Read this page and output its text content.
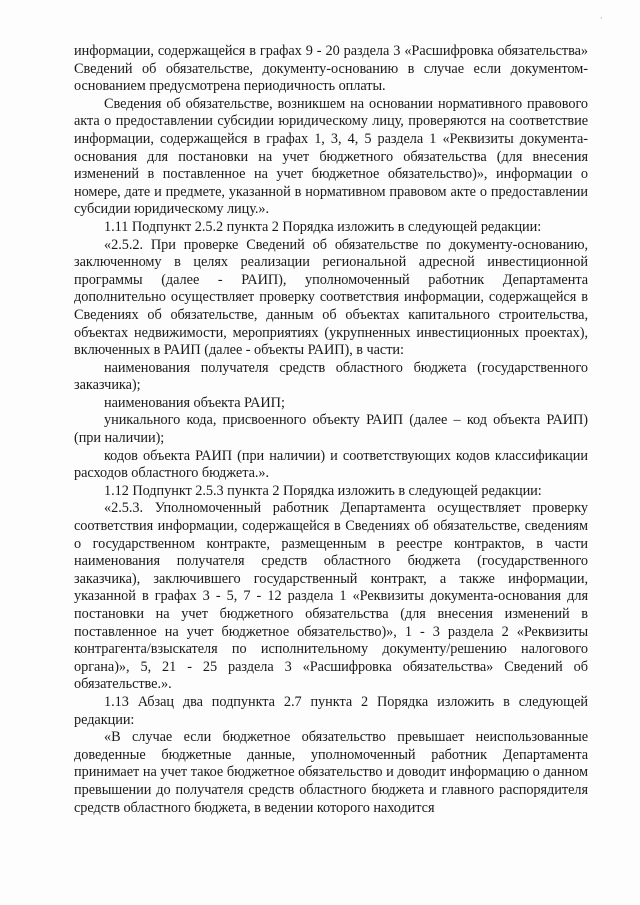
·

информации, содержащейся в графах 9 - 20 раздела 3 «Расшифровка обязательства» Сведений об обязательстве, документу-основанию в случае если документом-основанием предусмотрена периодичность оплаты.

Сведения об обязательстве, возникшем на основании нормативного правового акта о предоставлении субсидии юридическому лицу, проверяются на соответствие информации, содержащейся в графах 1, 3, 4, 5 раздела 1 «Реквизиты документа-основания для постановки на учет бюджетного обязательства (для внесения изменений в поставленное на учет бюджетное обязательство)», информации о номере, дате и предмете, указанной в нормативном правовом акте о предоставлении субсидии юридическому лицу.».

1.11 Подпункт 2.5.2 пункта 2 Порядка изложить в следующей редакции:

«2.5.2. При проверке Сведений об обязательстве по документу-основанию, заключенному в целях реализации региональной адресной инвестиционной программы (далее - РАИП), уполномоченный работник Департамента дополнительно осуществляет проверку соответствия информации, содержащейся в Сведениях об обязательстве, данным об объектах капитального строительства, объектах недвижимости, мероприятиях (укрупненных инвестиционных проектах), включенных в РАИП (далее - объекты РАИП), в части:

наименования получателя средств областного бюджета (государственного заказчика);

наименования объекта РАИП;

уникального кода, присвоенного объекту РАИП (далее – код объекта РАИП) (при наличии);

кодов объекта РАИП (при наличии) и соответствующих кодов классификации расходов областного бюджета.».

1.12 Подпункт 2.5.3 пункта 2 Порядка изложить в следующей редакции:

«2.5.3. Уполномоченный работник Департамента осуществляет проверку соответствия информации, содержащейся в Сведениях об обязательстве, сведениям о государственном контракте, размещенным в реестре контрактов, в части наименования получателя средств областного бюджета (государственного заказчика), заключившего государственный контракт, а также информации, указанной в графах 3 - 5, 7 - 12 раздела 1 «Реквизиты документа-основания для постановки на учет бюджетного обязательства (для внесения изменений в поставленное на учет бюджетное обязательство)», 1 - 3 раздела 2 «Реквизиты контрагента/взыскателя по исполнительному документу/решению налогового органа)», 5, 21 - 25 раздела 3 «Расшифровка обязательства» Сведений об обязательстве.».

1.13 Абзац два подпункта 2.7 пункта 2 Порядка изложить в следующей редакции:

«В случае если бюджетное обязательство превышает неиспользованные доведенные бюджетные данные, уполномоченный работник Департамента принимает на учет такое бюджетное обязательство и доводит информацию о данном превышении до получателя средств областного бюджета и главного распорядителя средств областного бюджета, в ведении которого находится
